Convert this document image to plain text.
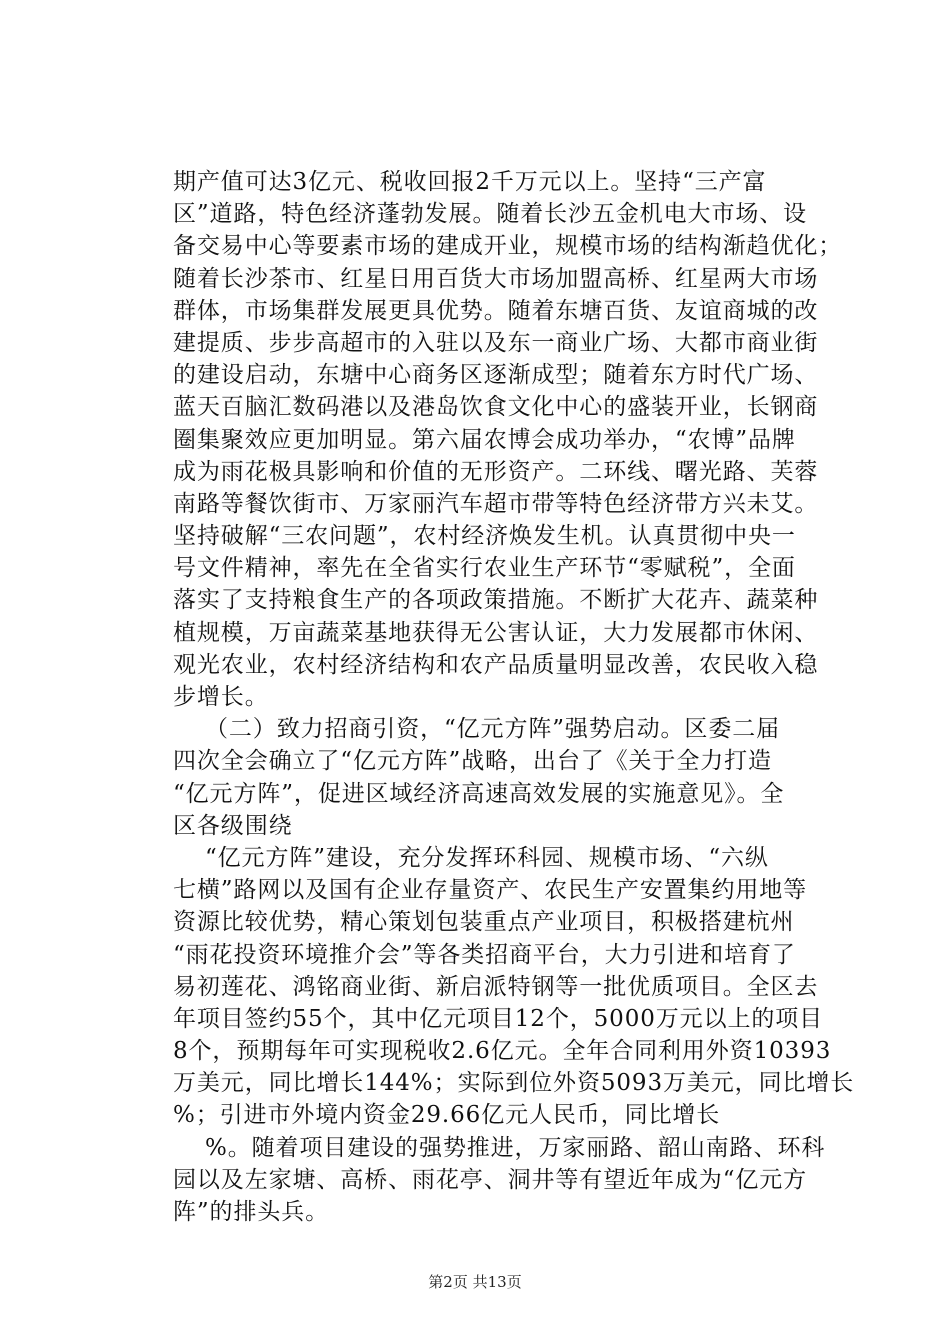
期产值可达3亿元、税收回报2千万元以上。坚持“三产富
区”道路，特色经济蓬勃发展。随着长沙五金机电大市场、设
备交易中心等要素市场的建成开业，规模市场的结构渐趋优化；
随着长沙茶市、红星日用百货大市场加盟高桥、红星两大市场
群体，市场集群发展更具优势。随着东塘百货、友谊商城的改
建提质、步步高超市的入驻以及东一商业广场、大都市商业街
的建设启动，东塘中心商务区逐渐成型；随着东方时代广场、
蓝天百脑汇数码港以及港岛饮食文化中心的盛装开业，长钢商
圈集聚效应更加明显。第六届农博会成功举办，“农博”品牌
成为雨花极具影响和价值的无形资产。二环线、曙光路、芙蓉
南路等餐饮街市、万家丽汽车超市带等特色经济带方兴未艾。
坚持破解“三农问题”，农村经济焕发生机。认真贯彻中央一
号文件精神，率先在全省实行农业生产环节“零赋税”，全面
落实了支持粮食生产的各项政策措施。不断扩大花卉、蔬菜种
植规模，万亩蔬菜基地获得无公害认证，大力发展都市休闲、
观光农业，农村经济结构和农产品质量明显改善，农民收入稳
步增长。
（二）致力招商引资，“亿元方阵”强势启动。区委二届
四次全会确立了“亿元方阵”战略，出台了《关于全力打造
“亿元方阵”，促进区域经济高速高效发展的实施意见》。全
区各级围绕
“亿元方阵”建设，充分发挥环科园、规模市场、“六纵
七横”路网以及国有企业存量资产、农民生产安置集约用地等
资源比较优势，精心策划包装重点产业项目，积极搭建杭州
“雨花投资环境推介会”等各类招商平台，大力引进和培育了
易初莲花、鸿铭商业街、新启派特钢等一批优质项目。全区去
年项目签约55个，其中亿元项目12个，5000万元以上的项目
8个，预期每年可实现税收2.6亿元。全年合同利用外资10393
万美元，同比增长144%；实际到位外资5093万美元，同比增长
%；引进市外境内资金29.66亿元人民币，同比增长
%。随着项目建设的强势推进，万家丽路、韶山南路、环科
园以及左家塘、高桥、雨花亭、洞井等有望近年成为“亿元方
阵”的排头兵。
第2页 共13页
